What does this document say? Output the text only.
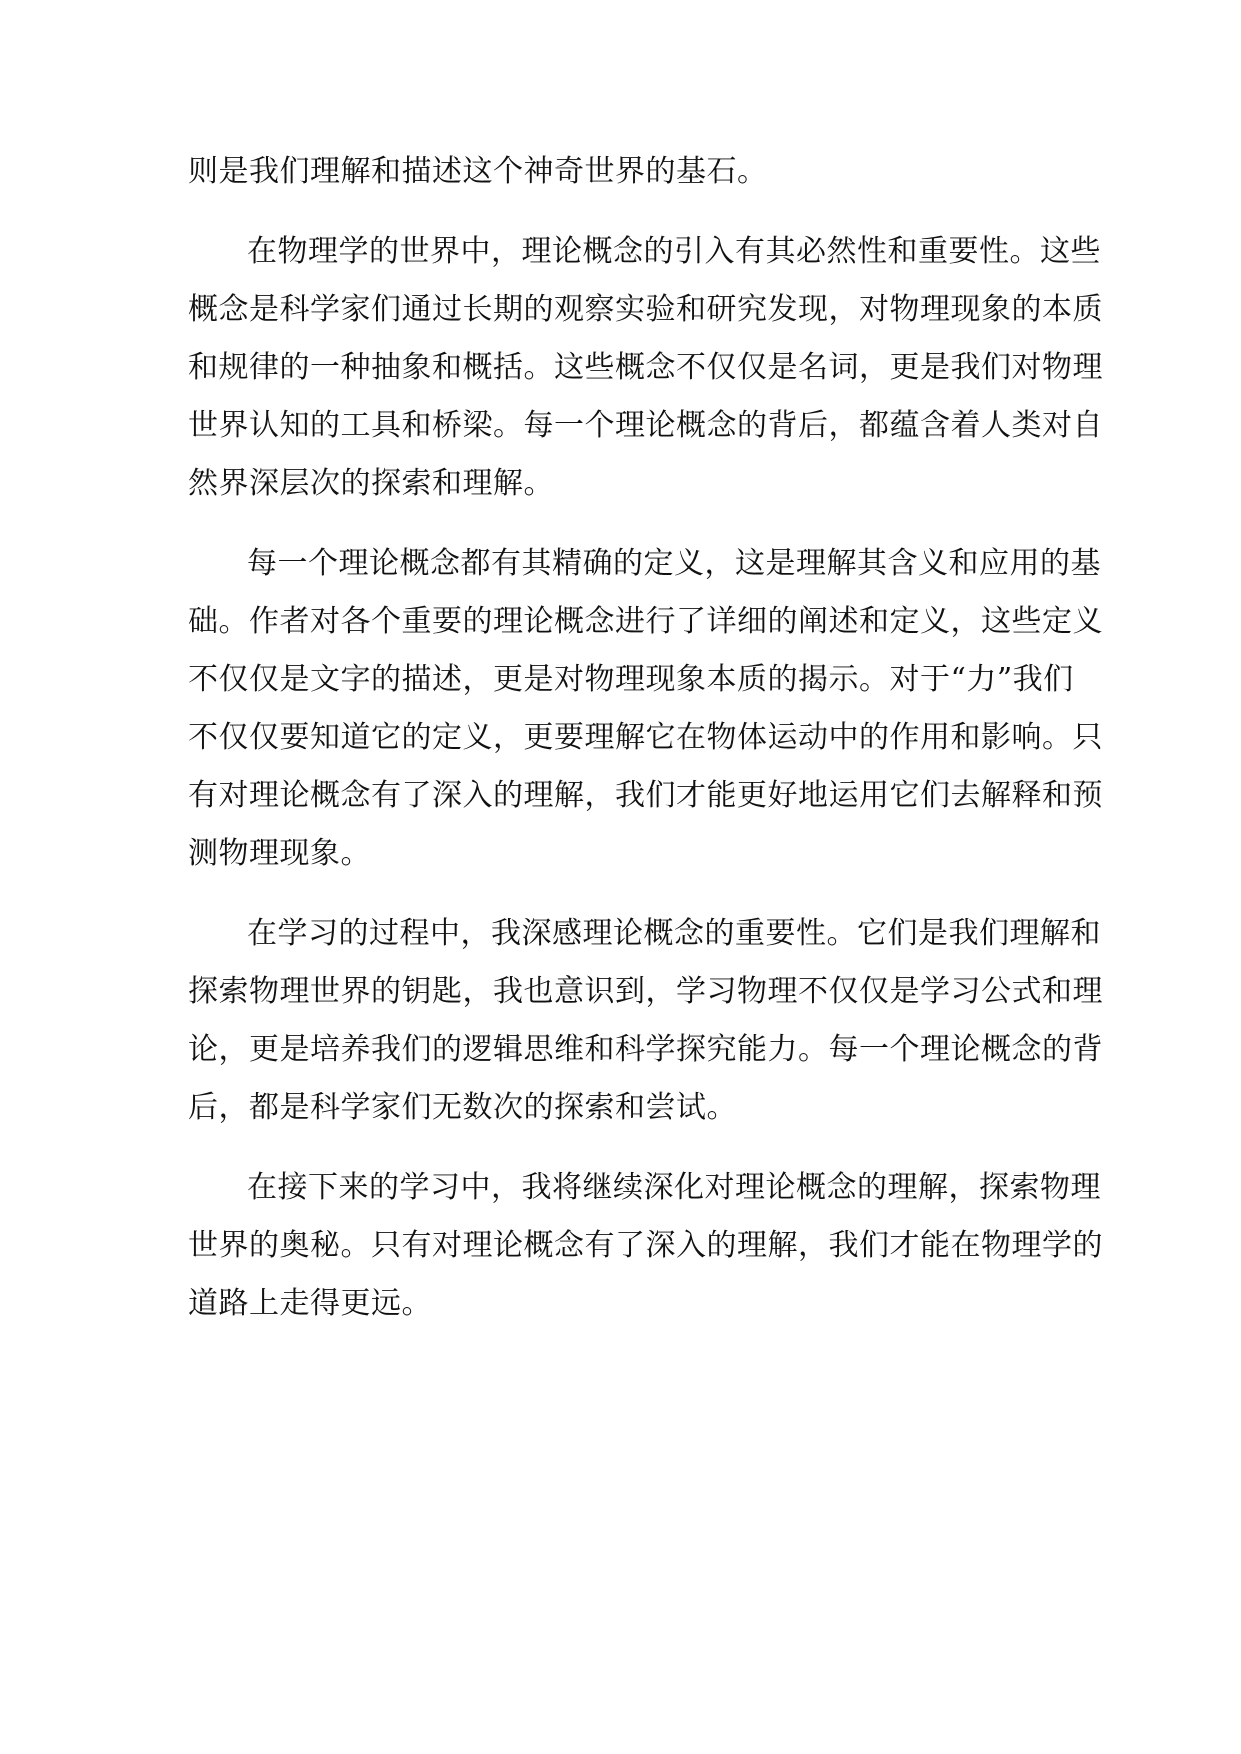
则是我们理解和描述这个神奇世界的基石。
在物理学的世界中，理论概念的引入有其必然性和重要性。这些
概念是科学家们通过长期的观察实验和研究发现，对物理现象的本质
和规律的一种抽象和概括。这些概念不仅仅是名词，更是我们对物理
世界认知的工具和桥梁。每一个理论概念的背后，都蕴含着人类对自
然界深层次的探索和理解。
每一个理论概念都有其精确的定义，这是理解其含义和应用的基
础。作者对各个重要的理论概念进行了详细的阐述和定义，这些定义
不仅仅是文字的描述，更是对物理现象本质的揭示。对于“力”我们
不仅仅要知道它的定义，更要理解它在物体运动中的作用和影响。只
有对理论概念有了深入的理解，我们才能更好地运用它们去解释和预
测物理现象。
在学习的过程中，我深感理论概念的重要性。它们是我们理解和
探索物理世界的钥匙，我也意识到，学习物理不仅仅是学习公式和理
论，更是培养我们的逻辑思维和科学探究能力。每一个理论概念的背
后，都是科学家们无数次的探索和尝试。
在接下来的学习中，我将继续深化对理论概念的理解，探索物理
世界的奥秘。只有对理论概念有了深入的理解，我们才能在物理学的
道路上走得更远。
